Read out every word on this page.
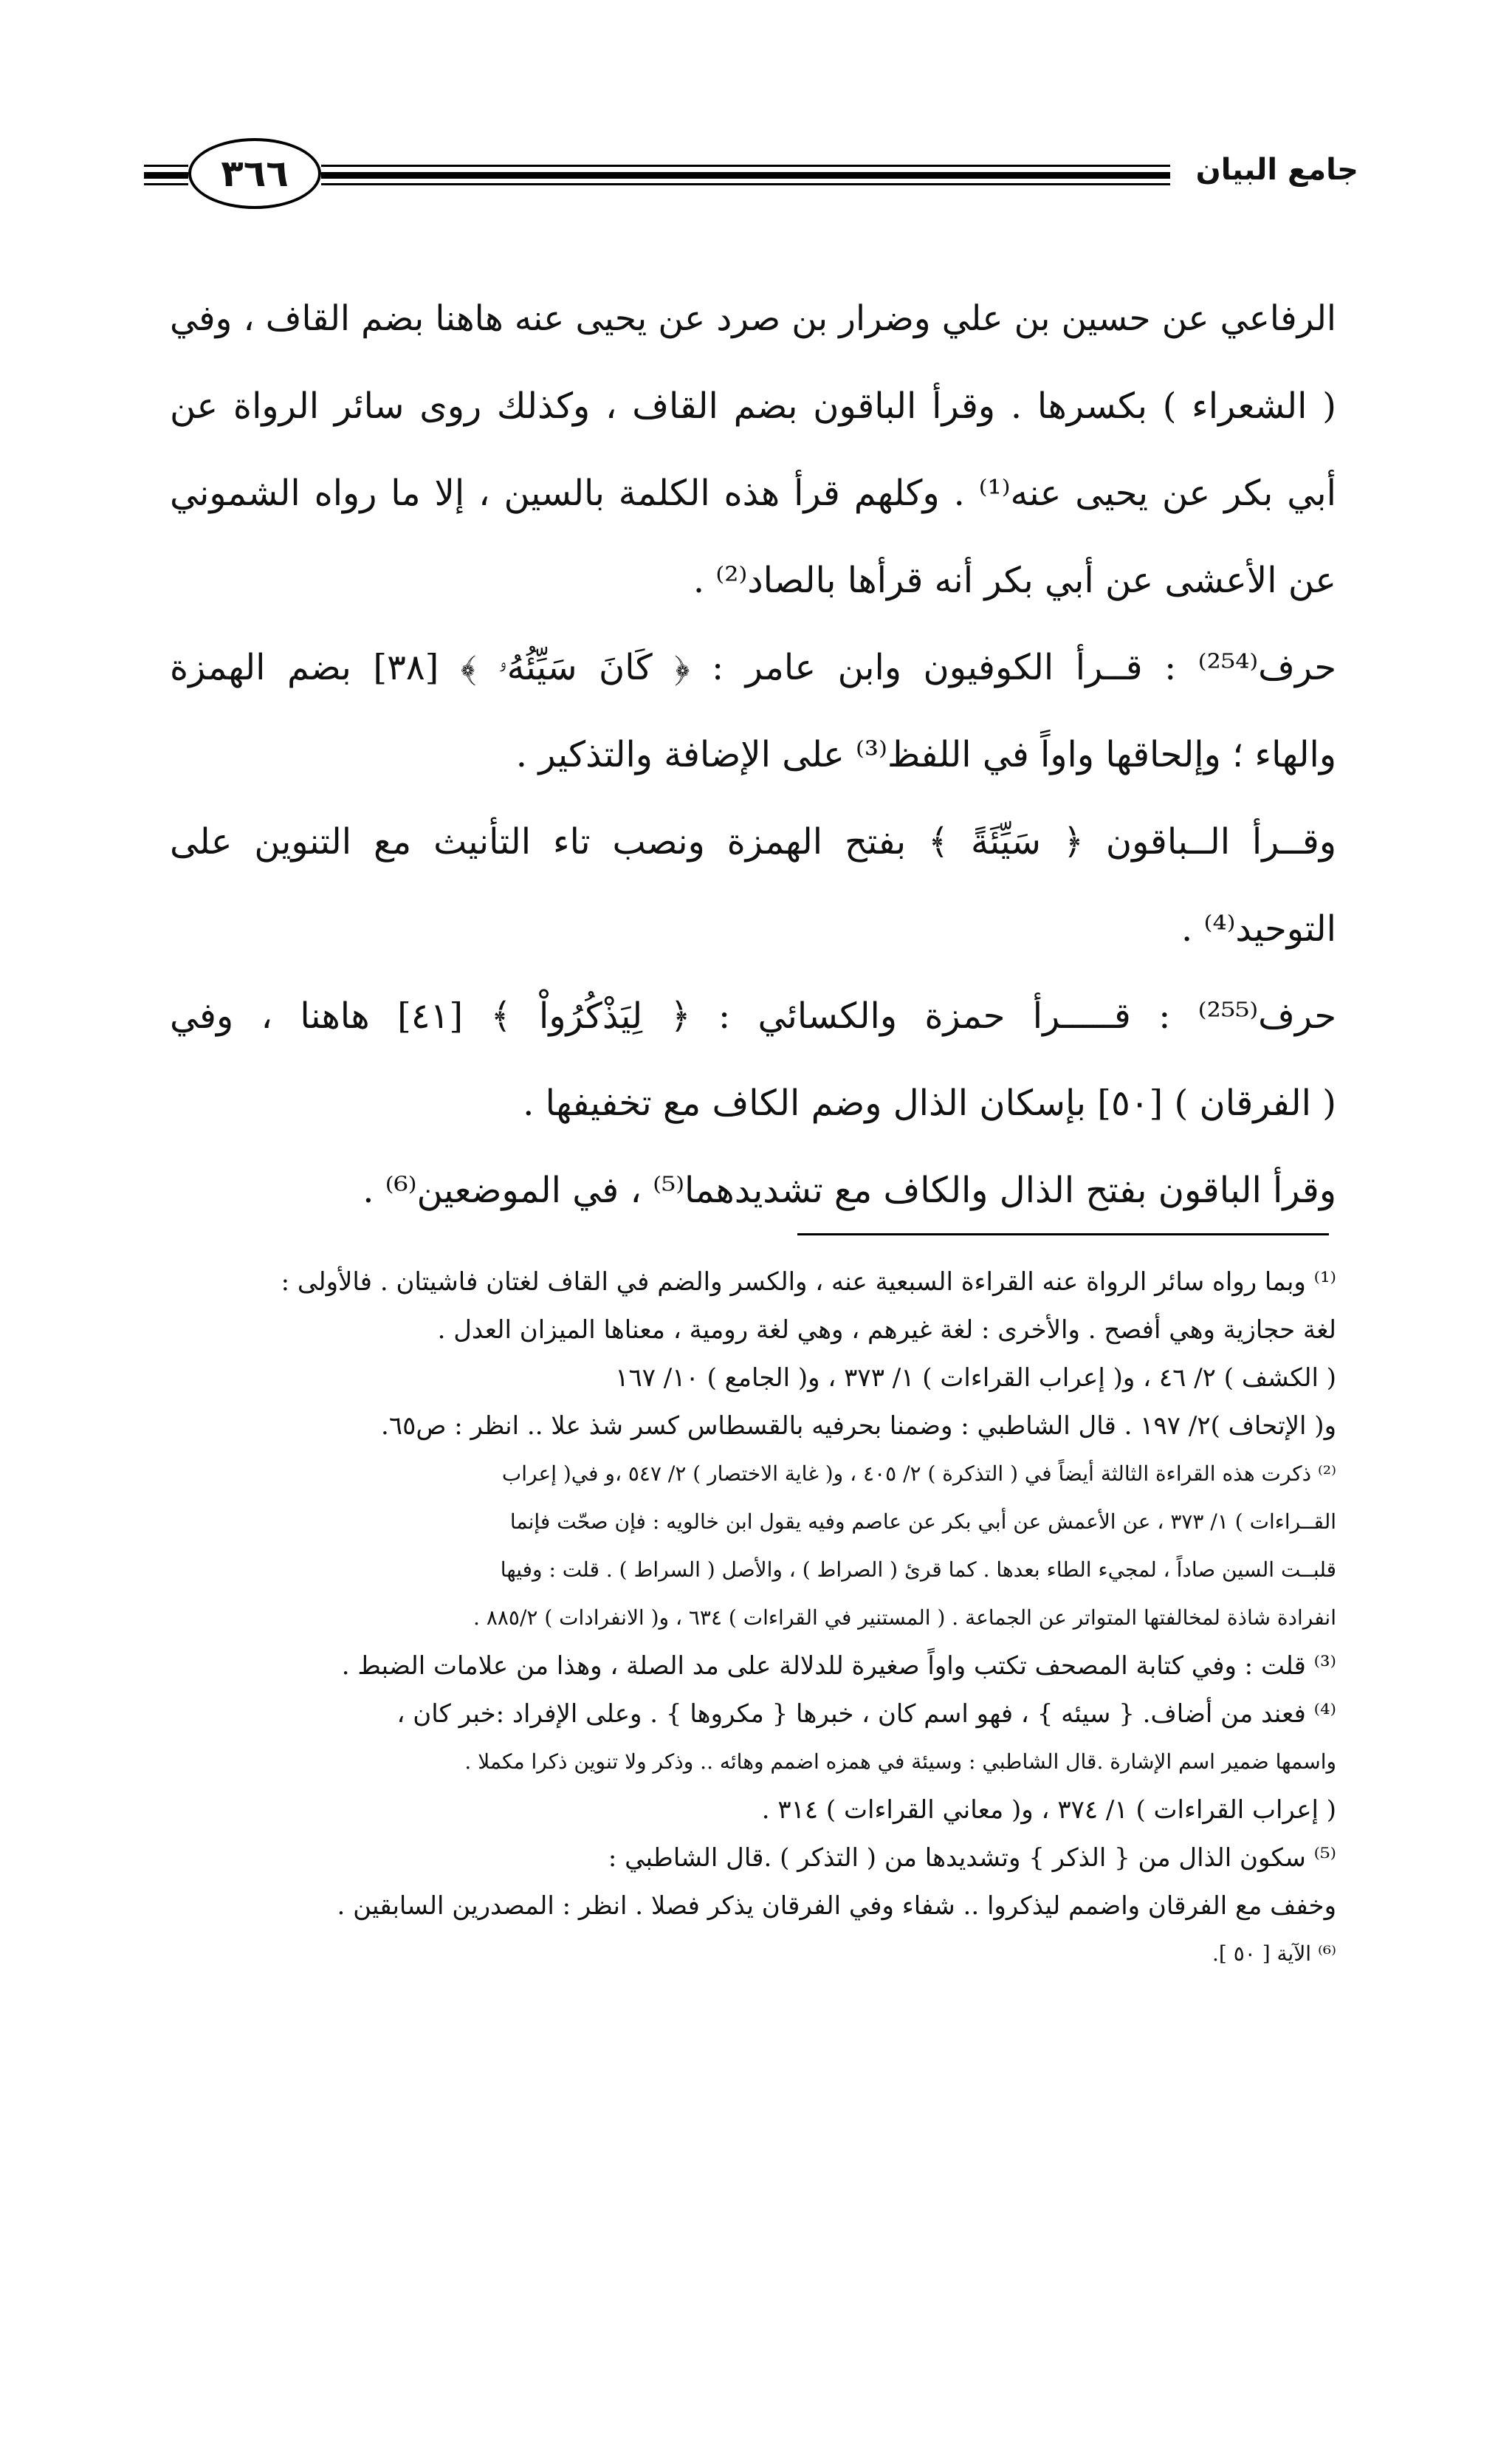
جامع البيان
٣٦٦
الرفاعي عن حسين بن علي وضرار بن صرد عن يحيى عنه هاهنا بضم القاف ، وفي
( الشعراء ) بكسرها . وقرأ الباقون بضم القاف ، وكذلك روى سائر الرواة عن
أبي بكر عن يحيى عنه⁽¹⁾ . وكلهم قرأ هذه الكلمة بالسين ، إلا ما رواه الشموني
عن الأعشى عن أبي بكر أنه قرأها بالصاد⁽²⁾ .
حرف⁽²⁵⁴⁾ : قــرأ الكوفيون وابن عامر : ﴿ كَانَ سَيِّئُهُۥ ﴾ [٣٨] بضم الهمزة
والهاء ؛ وإلحاقها واواً في اللفظ⁽³⁾ على الإضافة والتذكير .
وقــرأ الــباقون ﴿ سَيِّئَةً ﴾ بفتح الهمزة ونصب تاء التأنيث مع التنوين على
التوحيد⁽⁴⁾ .
حرف⁽²⁵⁵⁾ : قـــــرأ حمزة والكسائي : ﴿ لِيَذْكُرُواْ ﴾ [٤١] هاهنا ، وفي
( الفرقان ) [٥٠] بإسكان الذال وضم الكاف مع تخفيفها .
وقرأ الباقون بفتح الذال والكاف مع تشديدهما⁽⁵⁾ ، في الموضعين⁽⁶⁾ .
⁽¹⁾ وبما رواه سائر الرواة عنه القراءة السبعية عنه ، والكسر والضم في القاف لغتان فاشيتان . فالأولى :
لغة حجازية وهي أفصح . والأخرى : لغة غيرهم ، وهي لغة رومية ، معناها الميزان العدل .
( الكشف ) ٢/ ٤٦ ، و( إعراب القراءات ) ١/ ٣٧٣ ، و( الجامع ) ١٠/ ١٦٧
و( الإتحاف )٢/ ١٩٧ . قال الشاطبي : وضمنا بحرفيه بالقسطاس كسر شذ علا .. انظر : ص٦٥.
⁽²⁾ ذكرت هذه القراءة الثالثة أيضاً في ( التذكرة ) ٢/ ٤٠٥ ، و( غاية الاختصار ) ٢/ ٥٤٧ ،و في( إعراب
القــراءات ) ١/ ٣٧٣ ، عن الأعمش عن أبي بكر عن عاصم وفيه يقول ابن خالويه : فإن صحّت فإنما
قلبــت السين صاداً ، لمجيء الطاء بعدها . كما قرئ ( الصراط ) ، والأصل ( السراط ) . قلت : وفيها
انفرادة شاذة لمخالفتها المتواتر عن الجماعة . ( المستنير في القراءات ) ٦٣٤ ، و( الانفرادات ) ٨٨٥/٢ .
⁽³⁾ قلت : وفي كتابة المصحف تكتب واواً صغيرة للدلالة على مد الصلة ، وهذا من علامات الضبط .
⁽⁴⁾ فعند من أضاف. { سيئه } ، فهو اسم كان ، خبرها { مكروها } . وعلى الإفراد :خبر كان ،
واسمها ضمير اسم الإشارة .قال الشاطبي : وسيئة في همزه اضمم وهائه .. وذكر ولا تنوين ذكرا مكملا .
( إعراب القراءات ) ١/ ٣٧٤ ، و( معاني القراءات ) ٣١٤ .
⁽⁵⁾ سكون الذال من { الذكر } وتشديدها من ( التذكر ) .قال الشاطبي :
وخفف مع الفرقان واضمم ليذكروا .. شفاء وفي الفرقان يذكر فصلا . انظر : المصدرين السابقين .
⁽⁶⁾ الآية [ ٥٠ ].
